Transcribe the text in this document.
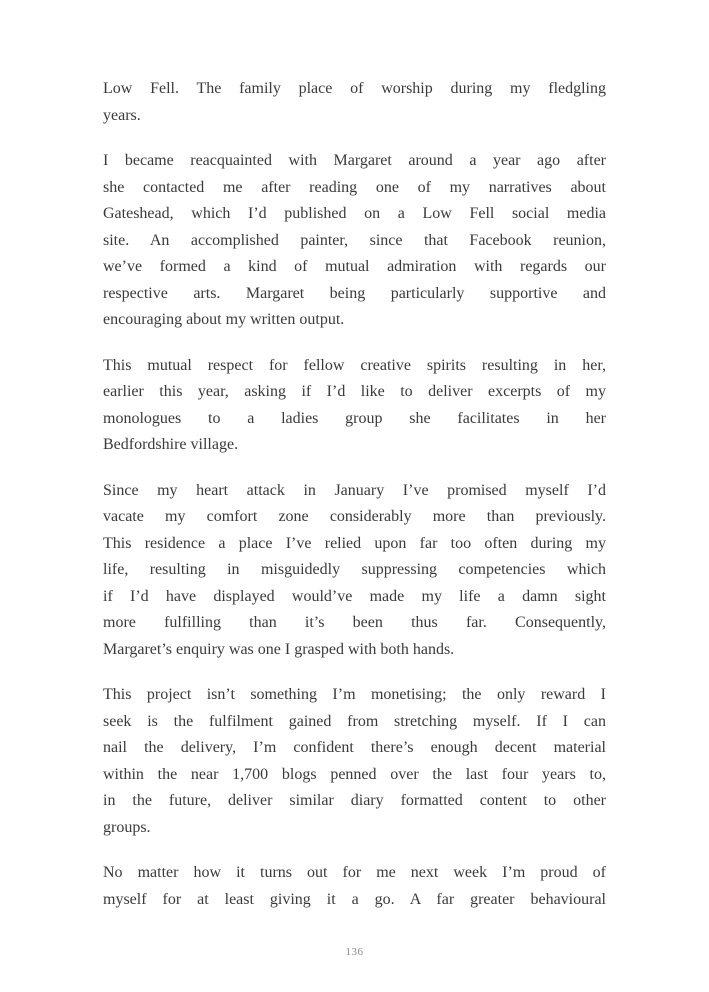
Low Fell. The family place of worship during my fledgling
years.

I became reacquainted with Margaret around a year ago after
she contacted me after reading one of my narratives about
Gateshead, which I’d published on a Low Fell social media
site. An accomplished painter, since that Facebook reunion,
we’ve formed a kind of mutual admiration with regards our
respective arts. Margaret being particularly supportive and
encouraging about my written output.

This mutual respect for fellow creative spirits resulting in her,
earlier this year, asking if I’d like to deliver excerpts of my
monologues to a ladies group she facilitates in her
Bedfordshire village.

Since my heart attack in January I’ve promised myself I’d
vacate my comfort zone considerably more than previously.
This residence a place I’ve relied upon far too often during my
life, resulting in misguidedly suppressing competencies which
if I’d have displayed would’ve made my life a damn sight
more fulfilling than it’s been thus far. Consequently,
Margaret’s enquiry was one I grasped with both hands.

This project isn’t something I’m monetising; the only reward I
seek is the fulfilment gained from stretching myself. If I can
nail the delivery, I’m confident there’s enough decent material
within the near 1,700 blogs penned over the last four years to,
in the future, deliver similar diary formatted content to other
groups.

No matter how it turns out for me next week I’m proud of
myself for at least giving it a go. A far greater behavioural

136
